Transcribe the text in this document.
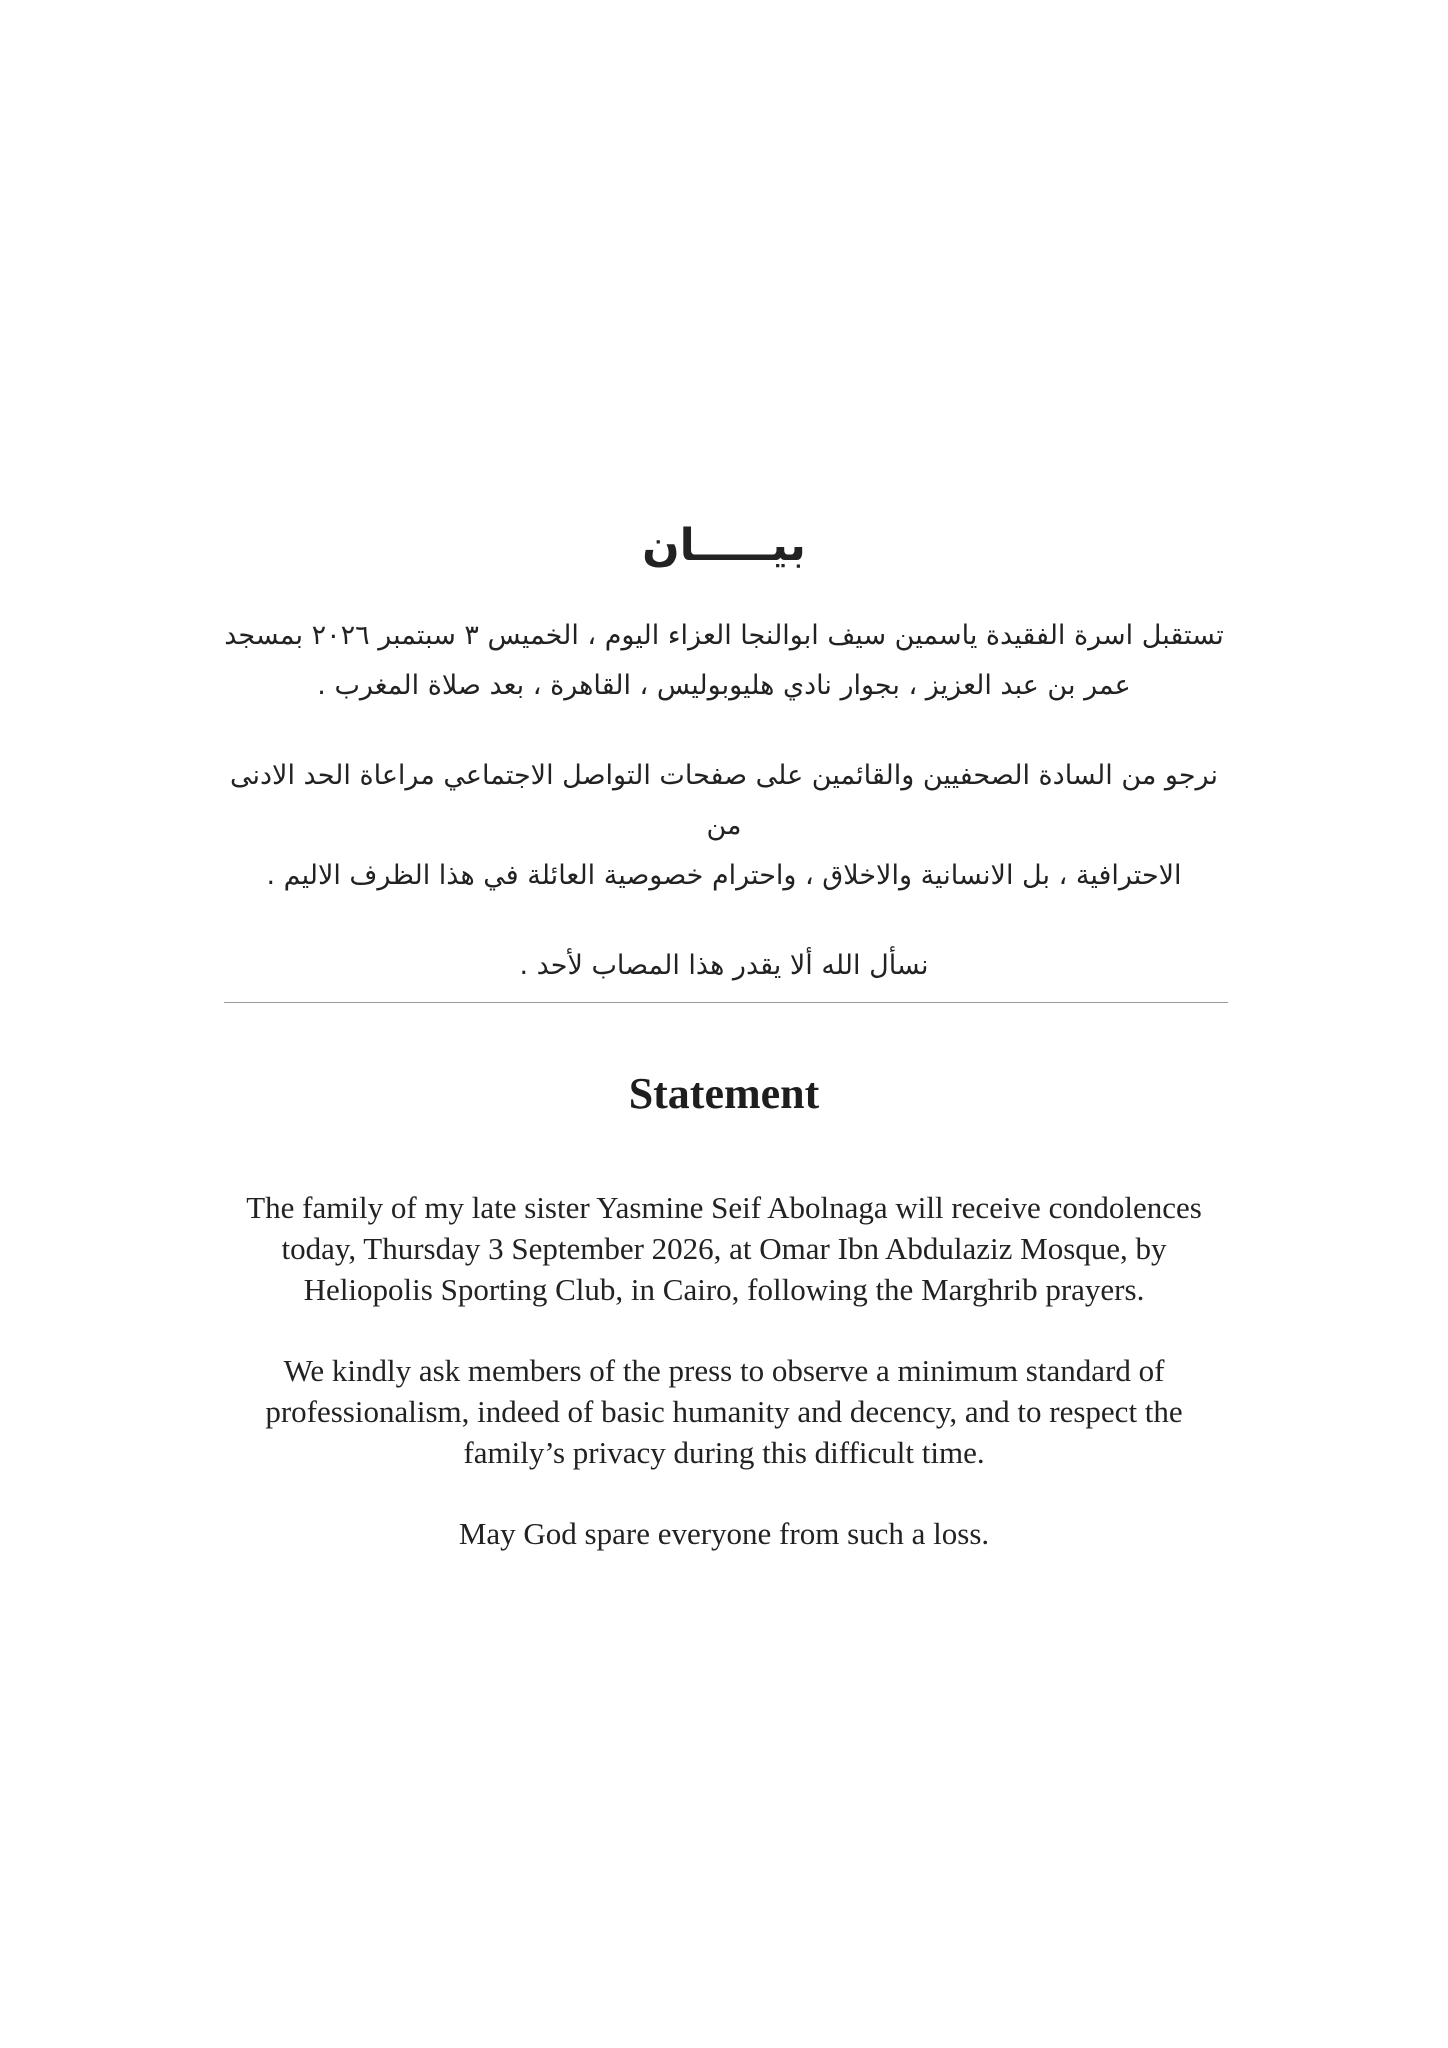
بيـــــان

تستقبل اسرة الفقيدة ياسمين سيف ابوالنجا العزاء اليوم ، الخميس ٣ سبتمبر ٢٠٢٦ بمسجد
عمر بن عبد العزيز ، بجوار نادي هليوبوليس ، القاهرة ، بعد صلاة المغرب .

نرجو من السادة الصحفيين والقائمين على صفحات التواصل الاجتماعي مراعاة الحد الادنى من
الاحترافية ، بل الانسانية والاخلاق ، واحترام خصوصية العائلة في هذا الظرف الاليم .

نسأل الله ألا يقدر هذا المصاب لأحد .

Statement

The family of my late sister Yasmine Seif Abolnaga will receive condolences
today, Thursday 3 September 2026, at Omar Ibn Abdulaziz Mosque, by
Heliopolis Sporting Club, in Cairo, following the Marghrib prayers.

We kindly ask members of the press to observe a minimum standard of
professionalism, indeed of basic humanity and decency, and to respect the
family’s privacy during this difficult time.

May God spare everyone from such a loss.
